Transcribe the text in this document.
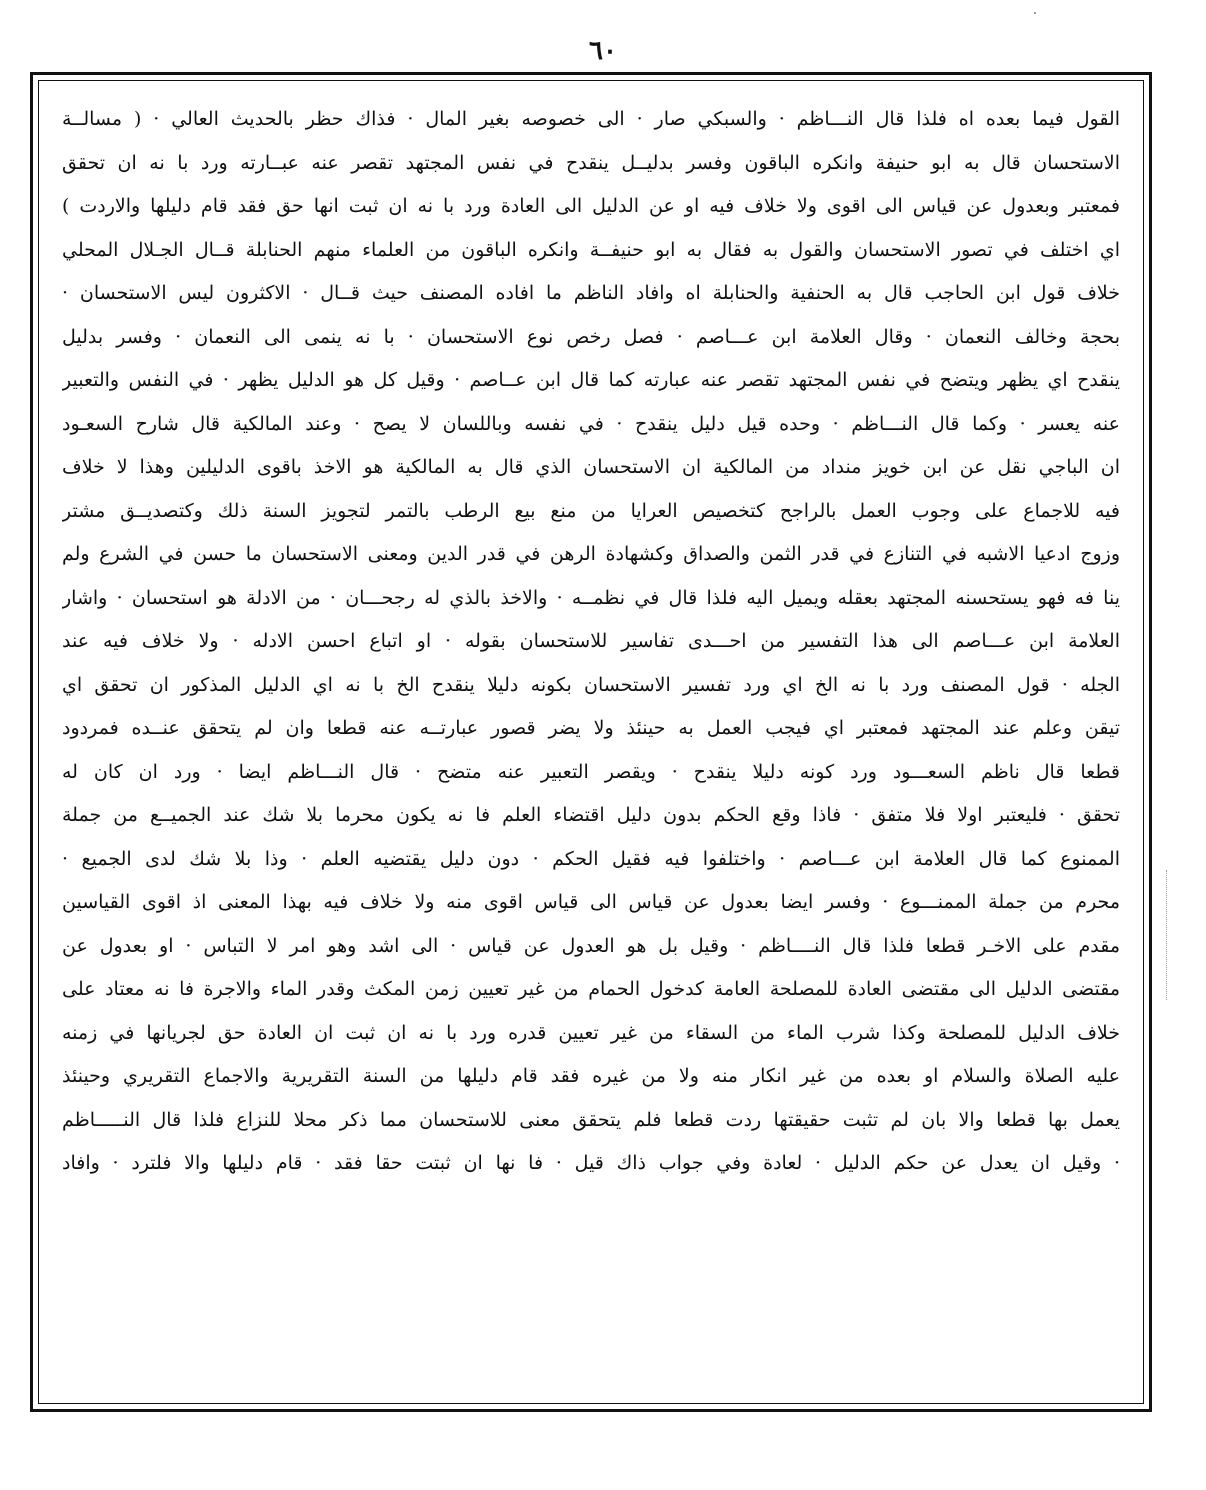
٦٠
القول فيما بعده اه فلذا قال النـــاظم · والسبكي صار · الى خصوصه بغير المال · فذاك حظر بالحديث العالي · ( مسالــة
الاستحسان قال به ابو حنيفة وانكره الباقون وفسر بدليــل ينقدح في نفس المجتهد تقصر عنه عبــارته ورد با نه ان تحقق
فمعتبر وبعدول عن قياس الى اقوى ولا خلاف فيه او عن الدليل الى العادة ورد با نه ان ثبت انها حق فقد قام دليلها والاردت )
اي اختلف في تصور الاستحسان والقول به فقال به ابو حنيفــة وانكره الباقون من العلماء منهم الحنابلة قــال الجـلال المحلي
خلاف قول ابن الحاجب قال به الحنفية والحنابلة اه وافاد الناظم ما افاده المصنف حيث قــال · الاكثرون ليس الاستحسان ·
بحجة وخالف النعمان · وقال العلامة ابن عـــاصم · فصل رخص نوع الاستحسان · با نه ينمى الى النعمان · وفسر بدليل
ينقدح اي يظهر ويتضح في نفس المجتهد تقصر عنه عبارته كما قال ابن عــاصم · وقيل كل هو الدليل يظهر · في النفس والتعبير
عنه يعسر · وكما قال النـــاظم · وحده قيل دليل ينقدح · في نفسه وباللسان لا يصح · وعند المالكية قال شارح السعـود
ان الباجي نقل عن ابن خويز منداد من المالكية ان الاستحسان الذي قال به المالكية هو الاخذ باقوى الدليلين وهذا لا خلاف
فيه للاجماع على وجوب العمل بالراجح كتخصيص العرايا من منع بيع الرطب بالتمر لتجويز السنة ذلك وكتصديــق مشتر
وزوج ادعيا الاشبه في التنازع في قدر الثمن والصداق وكشهادة الرهن في قدر الدين ومعنى الاستحسان ما حسن في الشرع ولم
ينا فه فهو يستحسنه المجتهد بعقله ويميل اليه فلذا قال في نظمــه · والاخذ بالذي له رجحـــان · من الادلة هو استحسان · واشار
العلامة ابن عـــاصم الى هذا التفسير من احـــدى تفاسير للاستحسان بقوله · او اتباع احسن الادله · ولا خلاف فيه عند
الجله · قول المصنف ورد با نه الخ اي ورد تفسير الاستحسان بكونه دليلا ينقدح الخ با نه اي الدليل المذكور ان تحقق اي
تيقن وعلم عند المجتهد فمعتبر اي فيجب العمل به حينئذ ولا يضر قصور عبارتــه عنه قطعا وان لم يتحقق عنــده فمردود
قطعا قال ناظم السعـــود ورد كونه دليلا ينقدح · ويقصر التعبير عنه متضح · قال النـــاظم ايضا · ورد ان كان له
تحقق · فليعتبر اولا فلا متفق · فاذا وقع الحكم بدون دليل اقتضاء العلم فا نه يكون محرما بلا شك عند الجميــع من جملة
الممنوع كما قال العلامة ابن عـــاصم · واختلفوا فيه فقيل الحكم · دون دليل يقتضيه العلم · وذا بلا شك لدى الجميع ·
محرم من جملة الممنـــوع · وفسر ايضا بعدول عن قياس الى قياس اقوى منه ولا خلاف فيه بهذا المعنى اذ اقوى القياسين
مقدم على الاخـر قطعا فلذا قال النــــاظم · وقيل بل هو العدول عن قياس · الى اشد وهو امر لا التباس · او بعدول عن
مقتضى الدليل الى مقتضى العادة للمصلحة العامة كدخول الحمام من غير تعيين زمن المكث وقدر الماء والاجرة فا نه معتاد على
خلاف الدليل للمصلحة وكذا شرب الماء من السقاء من غير تعيين قدره ورد با نه ان ثبت ان العادة حق لجريانها في زمنه
عليه الصلاة والسلام او بعده من غير انكار منه ولا من غيره فقد قام دليلها من السنة التقريرية والاجماع التقريري وحينئذ
يعمل بها قطعا والا بان لم تثبت حقيقتها ردت قطعا فلم يتحقق معنى للاستحسان مما ذكر محلا للنزاع فلذا قال النـــــاظم
· وقيل ان يعدل عن حكم الدليل · لعادة وفي جواب ذاك قيل · فا نها ان ثبتت حقا فقد · قام دليلها والا فلترد · وافاد
